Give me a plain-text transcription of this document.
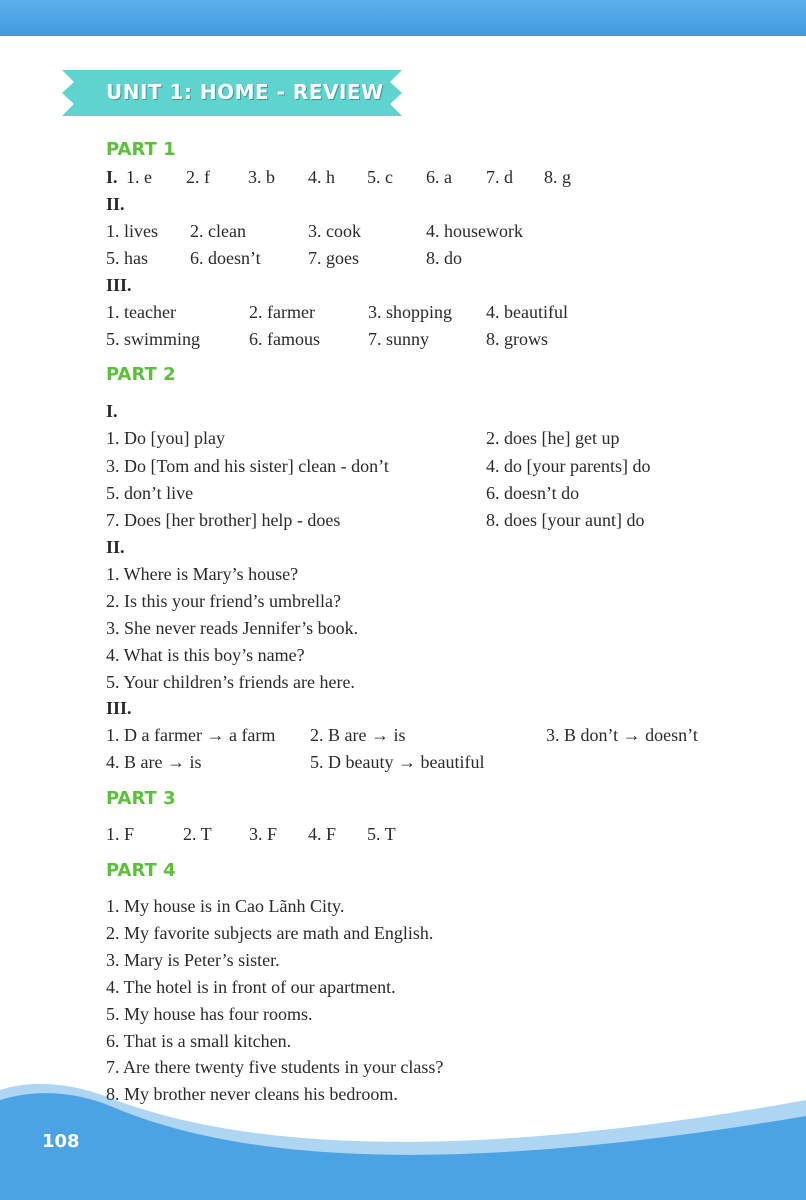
UNIT 1: HOME - REVIEW
PART 1
I. 1. e 2. f 3. b 4. h 5. c 6. a 7. d 8. g
II.
1. lives 2. clean	3. cook	4. housework
5. has 6. doesn’t	7. goes	8. do
III.
1. teacher	2. farmer	3. shopping 4. beautiful
5. swimming	6. famous	7. sunny	8. grows
PART 2
I.
1. Do [you] play	2. does [he] get up
3. Do [Tom and his sister] clean - don’t	4. do [your parents] do
5. don’t live	6. doesn’t do
7. Does [her brother] help - does	8. does [your aunt] do
II.
1. Where is Mary’s house?
2. Is this your friend’s umbrella?
3. She never reads Jennifer’s book.
4. What is this boy’s name?
5. Your children’s friends are here.
III.
1. D a farmer → a farm 2. B are → is	3. B don’t → doesn’t
4. B are → is	5. D beauty → beautiful
PART 3
1. F	2. T 3. F 4. F 5. T
PART 4
1. My house is in Cao Lãnh City.
2. My favorite subjects are math and English.
3. Mary is Peter’s sister.
4. The hotel is in front of our apartment.
5. My house has four rooms.
6. That is a small kitchen.
7. Are there twenty five students in your class?
8. My brother never cleans his bedroom.
108
